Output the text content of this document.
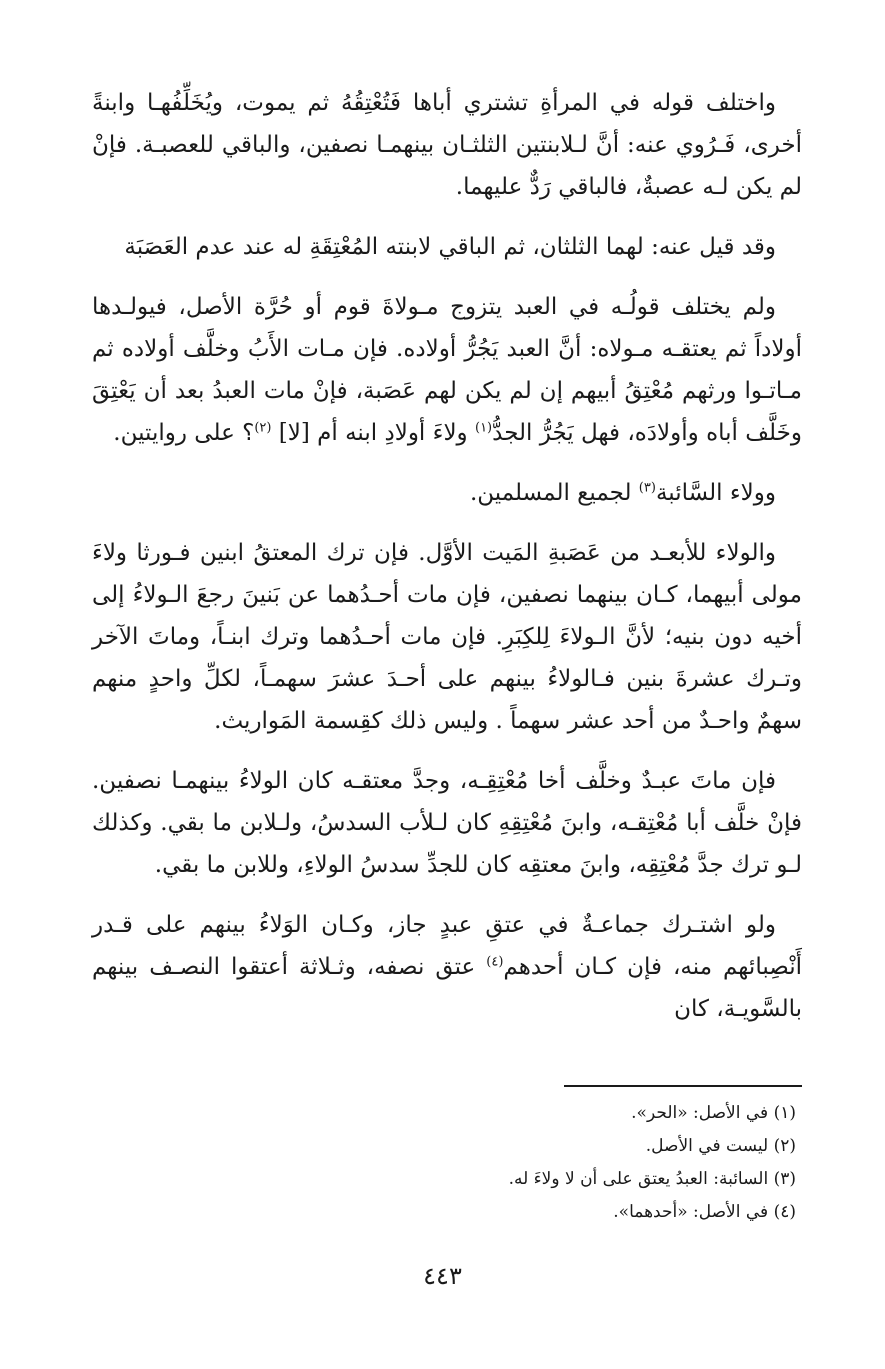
واختلف قوله في المرأةِ تشتري أباها فَتُعْتِقُهُ ثم يموت، ويُخَلِّفُهـا وابنةً أخرى، فَـرُوي عنه: أنَّ لـلابنتين الثلثـان بينهمـا نصفين، والباقي للعصبـة. فإنْ لم يكن لـه عصبةٌ، فالباقي رَدٌّ عليهما.

وقد قيل عنه: لهما الثلثان، ثم الباقي لابنته المُعْتِقَةِ له عند عدم العَصَبَة

ولم يختلف قولُـه في العبد يتزوج مـولاةَ قوم أو حُرَّة الأصل، فيولـدها أولاداً ثم يعتقـه مـولاه: أنَّ العبد يَجُرُّ أولاده. فإن مـات الأَبُ وخلَّف أولاده ثم مـاتـوا ورثهم مُعْتِقُ أبيهم إن لم يكن لهم عَصَبة، فإنْ مات العبدُ بعد أن يَعْتِقَ وخَلَّف أباه وأولادَه، فهل يَجُرُّ الجدُّ$^{(١)}$ ولاءَ أولادِ ابنه أم [لا] $^{(٢)}$؟ على روايتين.

وولاء السَّائبة$^{(٣)}$ لجميع المسلمين.

والولاء للأبعـد من عَصَبةِ المَيت الأوَّل. فإن ترك المعتقُ ابنين فـورثا ولاءَ مولى أبيهما، كـان بينهما نصفين، فإن مات أحـدُهما عن بَنينَ رجعَ الـولاءُ إلى أخيه دون بنيه؛ لأنَّ الـولاءَ لِلكِبَرِ. فإن مات أحـدُهما وترك ابنـاً، وماتَ الآخر وتـرك عشرةَ بنين فـالولاءُ بينهم على أحـدَ عشرَ سهمـاً، لكلِّ واحدٍ منهم سهمٌ واحـدٌ من أحد عشر سهماً . وليس ذلك كقِسمة المَواريث.

فإن ماتَ عبـدٌ وخلَّف أخا مُعْتِقِـه، وجدَّ معتقـه كان الولاءُ بينهمـا نصفين. فإنْ خلَّف أبا مُعْتِقـه، وابنَ مُعْتِقِهِ كان لـلأب السدسُ، ولـلابن ما بقي. وكذلك لـو ترك جدَّ مُعْتِقِه، وابنَ معتقِه كان للجدِّ سدسُ الولاءِ، وللابن ما بقي.

ولو اشتـرك جماعـةٌ في عتقِ عبدٍ جاز، وكـان الوَلاءُ بينهم على قـدر أَنْصِبائهم منه، فإن كـان أحدهم$^{(٤)}$ عتق نصفه، وثـلاثة أعتقوا النصـف بينهم بالسَّويـة، كان

(١) في الأصل: «الحر».

(٢) ليست في الأصل.

(٣) السائبة: العبدُ يعتق على أن لا ولاءَ له.

(٤) في الأصل: «أحدهما».

٤٤٣
